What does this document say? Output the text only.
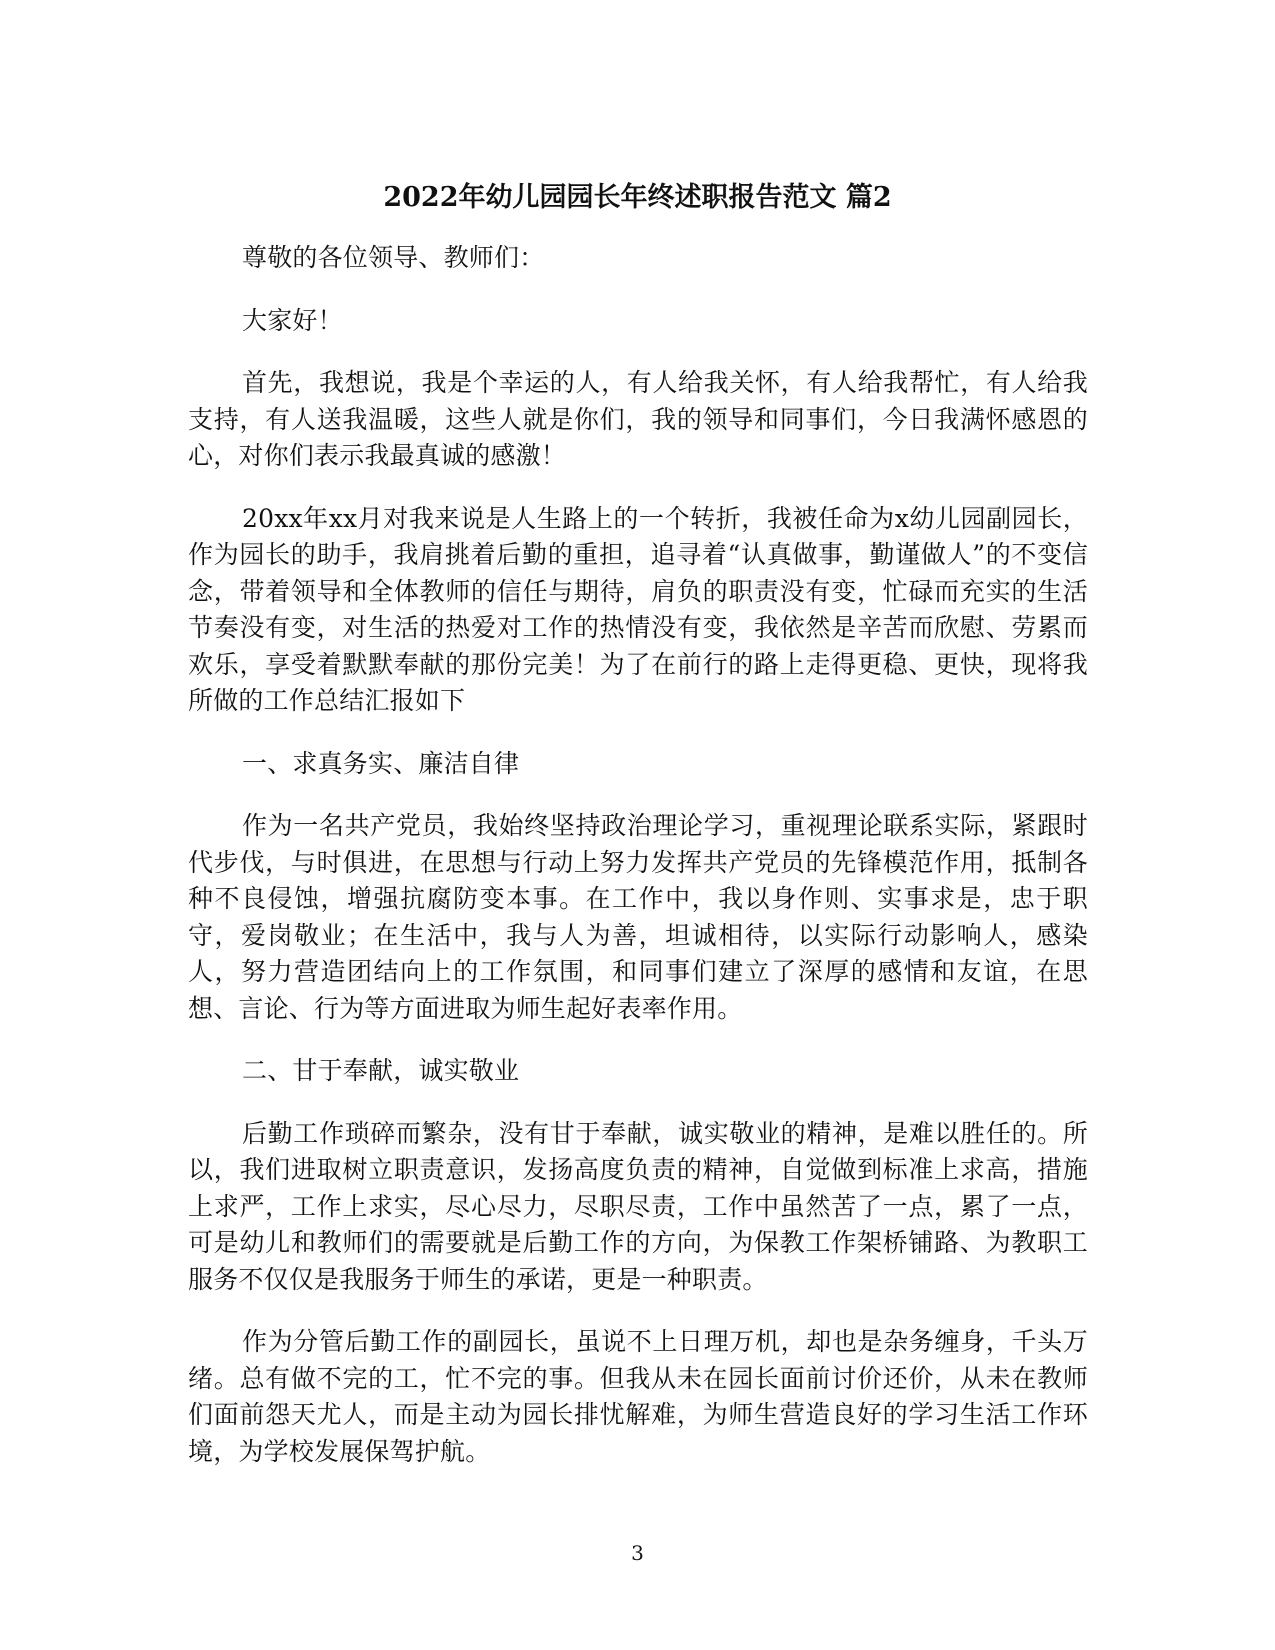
2022年幼儿园园长年终述职报告范文 篇2

尊敬的各位领导、教师们：

大家好！

首先，我想说，我是个幸运的人，有人给我关怀，有人给我帮忙，有人给我支持，有人送我温暖，这些人就是你们，我的领导和同事们，今日我满怀感恩的心，对你们表示我最真诚的感激！

20xx年xx月对我来说是人生路上的一个转折，我被任命为x幼儿园副园长，作为园长的助手，我肩挑着后勤的重担，追寻着“认真做事，勤谨做人”的不变信念，带着领导和全体教师的信任与期待，肩负的职责没有变，忙碌而充实的生活节奏没有变，对生活的热爱对工作的热情没有变，我依然是辛苦而欣慰、劳累而欢乐，享受着默默奉献的那份完美！为了在前行的路上走得更稳、更快，现将我所做的工作总结汇报如下

一、求真务实、廉洁自律

作为一名共产党员，我始终坚持政治理论学习，重视理论联系实际，紧跟时代步伐，与时俱进，在思想与行动上努力发挥共产党员的先锋模范作用，抵制各种不良侵蚀，增强抗腐防变本事。在工作中，我以身作则、实事求是，忠于职守，爱岗敬业；在生活中，我与人为善，坦诚相待，以实际行动影响人，感染人，努力营造团结向上的工作氛围，和同事们建立了深厚的感情和友谊，在思想、言论、行为等方面进取为师生起好表率作用。

二、甘于奉献，诚实敬业

后勤工作琐碎而繁杂，没有甘于奉献，诚实敬业的精神，是难以胜任的。所以，我们进取树立职责意识，发扬高度负责的精神，自觉做到标准上求高，措施上求严，工作上求实，尽心尽力，尽职尽责，工作中虽然苦了一点，累了一点，可是幼儿和教师们的需要就是后勤工作的方向，为保教工作架桥铺路、为教职工服务不仅仅是我服务于师生的承诺，更是一种职责。

作为分管后勤工作的副园长，虽说不上日理万机，却也是杂务缠身，千头万绪。总有做不完的工，忙不完的事。但我从未在园长面前讨价还价，从未在教师们面前怨天尤人，而是主动为园长排忧解难，为师生营造良好的学习生活工作环境，为学校发展保驾护航。

3
